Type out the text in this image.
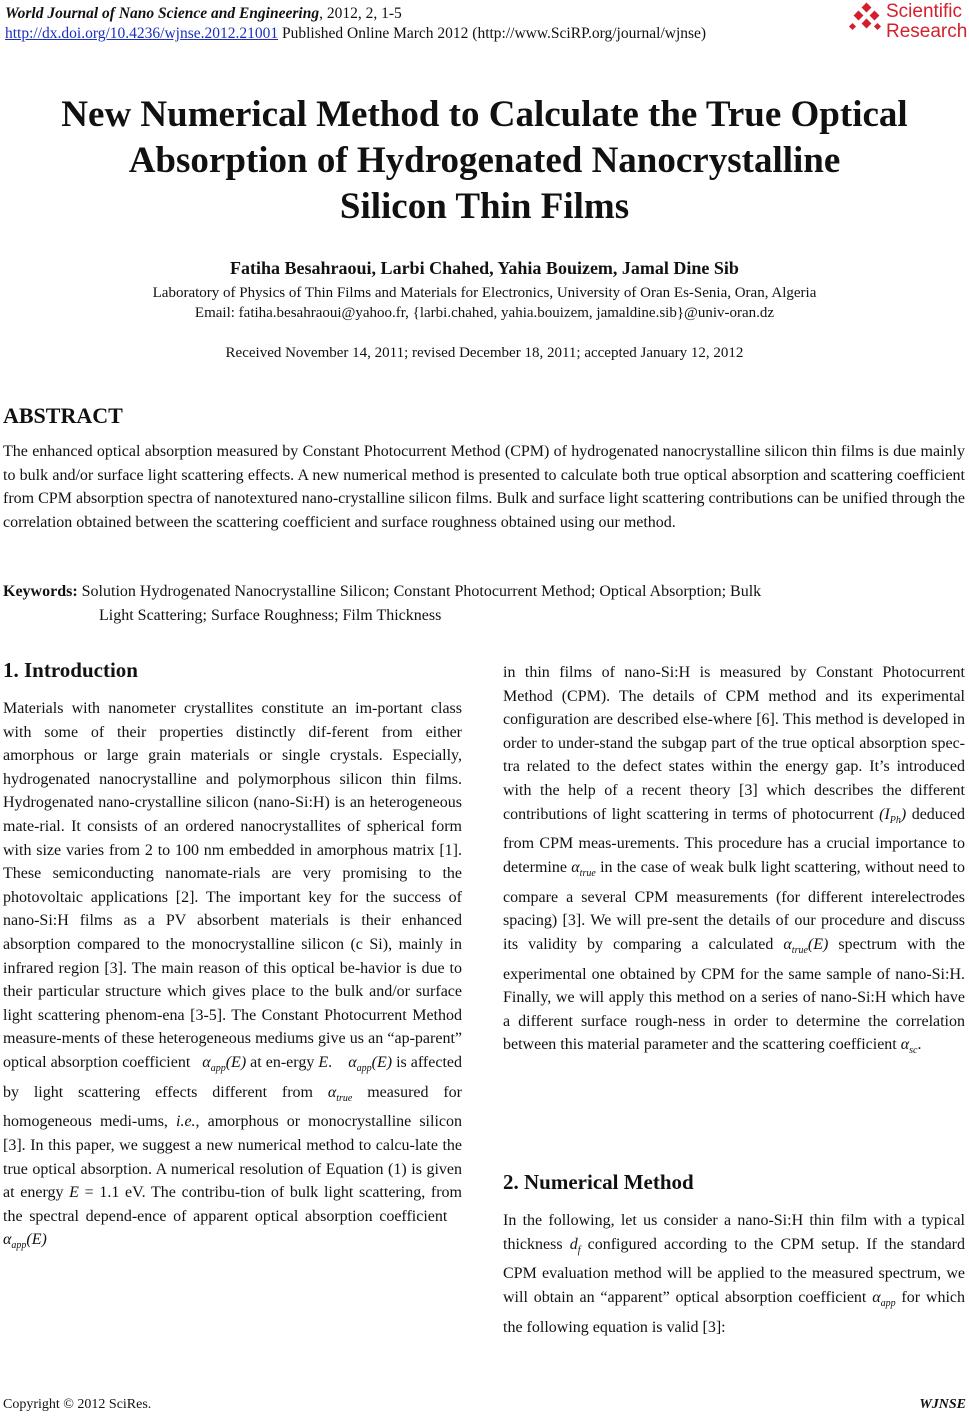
World Journal of Nano Science and Engineering, 2012, 2, 1-5
http://dx.doi.org/10.4236/wjnse.2012.21001 Published Online March 2012 (http://www.SciRP.org/journal/wjnse)
Scientific
Research
New Numerical Method to Calculate the True Optical
Absorption of Hydrogenated Nanocrystalline
Silicon Thin Films
Fatiha Besahraoui, Larbi Chahed, Yahia Bouizem, Jamal Dine Sib
Laboratory of Physics of Thin Films and Materials for Electronics, University of Oran Es-Senia, Oran, Algeria
Email: fatiha.besahraoui@yahoo.fr, {larbi.chahed, yahia.bouizem, jamaldine.sib}@univ-oran.dz
Received November 14, 2011; revised December 18, 2011; accepted January 12, 2012
ABSTRACT
The enhanced optical absorption measured by Constant Photocurrent Method (CPM) of hydrogenated nanocrystalline silicon thin films is due mainly to bulk and/or surface light scattering effects. A new numerical method is presented to calculate both true optical absorption and scattering coefficient from CPM absorption spectra of nanotextured nano-crystalline silicon films. Bulk and surface light scattering contributions can be unified through the correlation obtained between the scattering coefficient and surface roughness obtained using our method.
Keywords: Solution Hydrogenated Nanocrystalline Silicon; Constant Photocurrent Method; Optical Absorption; Bulk
Light Scattering; Surface Roughness; Film Thickness
1. Introduction
Materials with nanometer crystallites constitute an im-portant class with some of their properties distinctly dif-ferent from either amorphous or large grain materials or single crystals. Especially, hydrogenated nanocrystalline and polymorphous silicon thin films. Hydrogenated nano-crystalline silicon (nano-Si:H) is an heterogeneous mate-rial. It consists of an ordered nanocrystallites of spherical form with size varies from 2 to 100 nm embedded in amorphous matrix [1]. These semiconducting nanomate-rials are very promising to the photovoltaic applications [2]. The important key for the success of nano-Si:H films as a PV absorbent materials is their enhanced absorption compared to the monocrystalline silicon (c Si), mainly in infrared region [3]. The main reason of this optical be-havior is due to their particular structure which gives place to the bulk and/or surface light scattering phenom-ena [3-5]. The Constant Photocurrent Method measure-ments of these heterogeneous mediums give us an “ap-parent” optical absorption coefficient $\alpha_{app}(E)$ at en-ergy E.  $\alpha_{app}(E)$ is affected by light scattering effects different from $\alpha_{true}$ measured for homogeneous medi-ums, i.e., amorphous or monocrystalline silicon [3]. In this paper, we suggest a new numerical method to calcu-late the true optical absorption. A numerical resolution of Equation (1) is given at energy E = 1.1 eV. The contribu-tion of bulk light scattering, from the spectral depend-ence of apparent optical absorption coefficient  $\alpha_{app}(E)$
in thin films of nano-Si:H is measured by Constant Photocurrent Method (CPM). The details of CPM method and its experimental configuration are described else-where [6]. This method is developed in order to under-stand the subgap part of the true optical absorption spec-tra related to the defect states within the energy gap. It’s introduced with the help of a recent theory [3] which describes the different contributions of light scattering in terms of photocurrent $(I_{Ph})$ deduced from CPM meas-urements. This procedure has a crucial importance to determine $\alpha_{true}$ in the case of weak bulk light scattering, without need to compare a several CPM measurements (for different interelectrodes spacing) [3]. We will pre-sent the details of our procedure and discuss its validity by comparing a calculated $\alpha_{true}(E)$ spectrum with the experimental one obtained by CPM for the same sample of nano-Si:H. Finally, we will apply this method on a series of nano-Si:H which have a different surface rough-ness in order to determine the correlation between this material parameter and the scattering coefficient $\alpha_{sc}$.
2. Numerical Method
In the following, let us consider a nano-Si:H thin film with a typical thickness $d_f$ configured according to the CPM setup. If the standard CPM evaluation method will be applied to the measured spectrum, we will obtain an “apparent” optical absorption coefficient $\alpha_{app}$ for which the following equation is valid [3]:
Copyright © 2012 SciRes.	WJNSE
